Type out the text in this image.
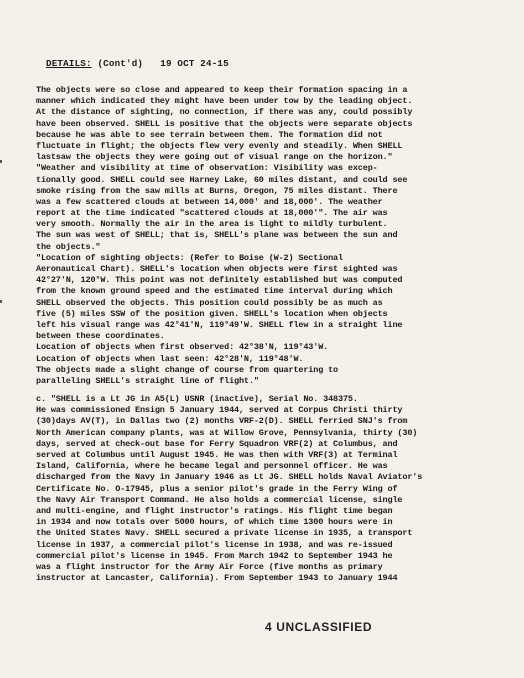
DETAILS: (Cont'd) 19 OCT 24-15
The objects were so close and appeared to keep their formation spacing in a
manner which indicated they might have been under tow by the leading object.
At the distance of sighting, no connection, if there was any, could possibly
have been observed. SHELL is positive that the objects were separate objects
because he was able to see terrain between them. The formation did not
fluctuate in flight; the objects flew very evenly and steadily. When SHELL
lastsaw the objects they were going out of visual range on the horizon."
"Weather and visibility at time of observation: Visibility was excep-
tionally good. SHELL could see Harney Lake, 60 miles distant, and could see
smoke rising from the saw mills at Burns, Oregon, 75 miles distant. There
was a few scattered clouds at between 14,000' and 18,000'. The weather
report at the time indicated "scattered clouds at 18,000'". The air was
very smooth. Normally the air in the area is light to mildly turbulent.
The sun was west of SHELL; that is, SHELL's plane was between the sun and
the objects."
"Location of sighting objects: (Refer to Boise (W-2) Sectional
Aeronautical Chart). SHELL's location when objects were first sighted was
42°27'N, 120°W. This point was not definitely established but was computed
from the known ground speed and the estimated time interval during which
SHELL observed the objects. This position could possibly be as much as
five (5) miles SSW of the position given. SHELL's location when objects
left his visual range was 42°41'N, 119°49'W. SHELL flew in a straight line
between these coordinates.
Location of objects when first observed: 42°38'N, 119°43'W.
Location of objects when last seen: 42°28'N, 119°48'W.
The objects made a slight change of course from quartering to
paralleling SHELL's straight line of flight."
c. "SHELL is a Lt JG in A5(L) USNR (inactive), Serial No. 348375.
He was commissioned Ensign 5 January 1944, served at Corpus Christi thirty
(30)days AV(T), in Dallas two (2) months VRF-2(D). SHELL ferried SNJ's from
North American company plants, was at Willow Grove, Pennsylvania, thirty (30)
days, served at check-out base for Ferry Squadron VRF(2) at Columbus, and
served at Columbus until August 1945. He was then with VRF(3) at Terminal
Island, California, where he became legal and personnel officer. He was
discharged from the Navy in January 1946 as Lt JG. SHELL holds Naval Aviator's
Certificate No. O-17945, plus a senior pilot's grade in the Ferry Wing of
the Navy Air Transport Command. He also holds a commercial license, single
and multi-engine, and flight instructor's ratings. His flight time began
in 1934 and now totals over 5000 hours, of which time 1300 hours were in
the United States Navy. SHELL secured a private license in 1935, a transport
license in 1937, a commercial pilot's license in 1938, and was re-issued
commercial pilot's license in 1945. From March 1942 to September 1943 he
was a flight instructor for the Army Air Force (five months as primary
instructor at Lancaster, California). From September 1943 to January 1944
4 UNCLASSIFIED
